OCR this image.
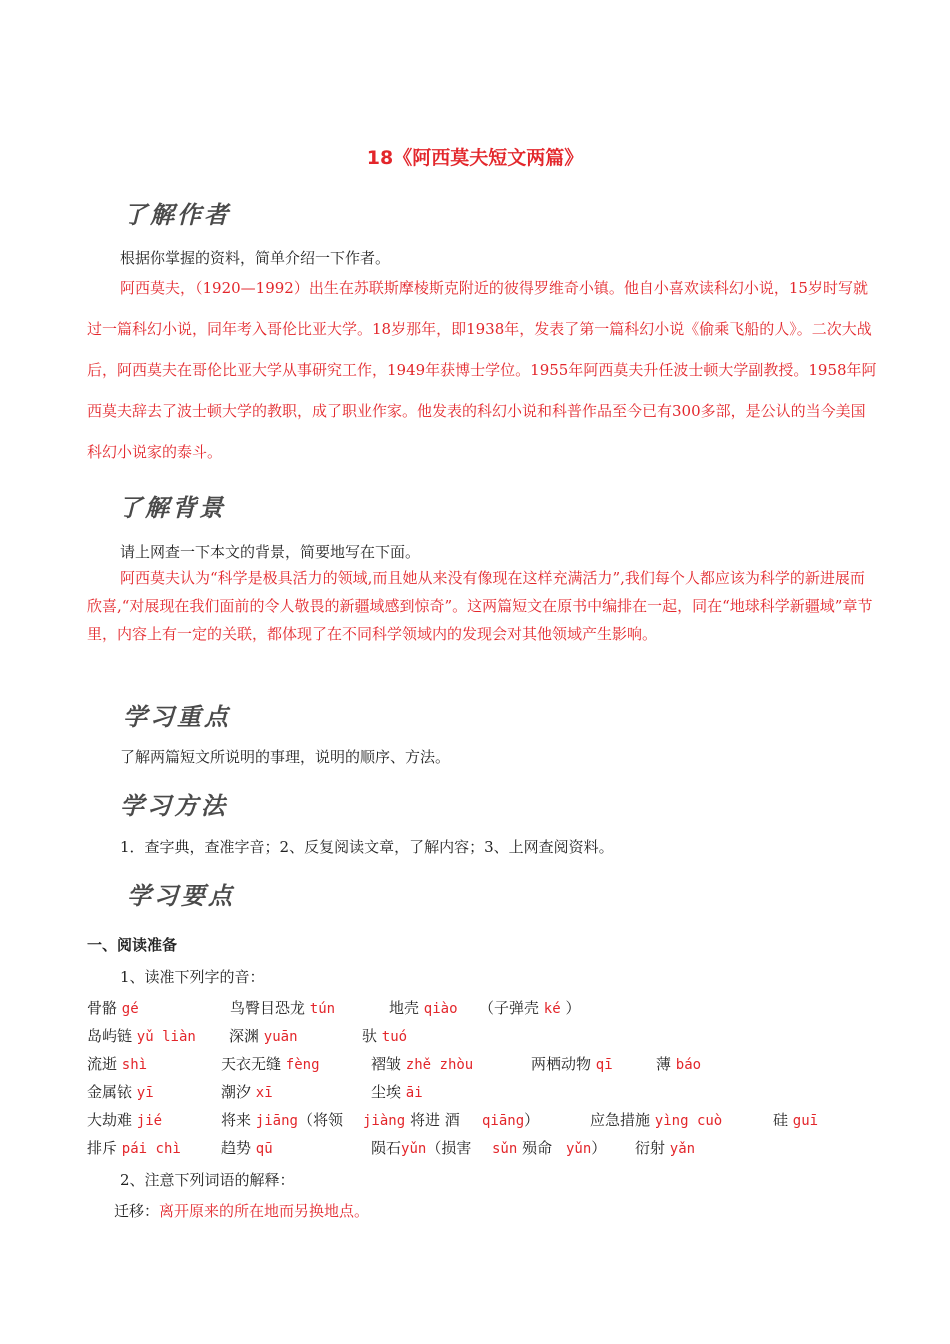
18《阿西莫夫短文两篇》
了解作者

根据你掌握的资料，简单介绍一下作者。

阿西莫夫，（1920—1992）出生在苏联斯摩棱斯克附近的彼得罗维奇小镇。他自小喜欢读科幻小说，15岁时写就过一篇科幻小说，同年考入哥伦比亚大学。18岁那年，即1938年，发表了第一篇科幻小说《偷乘飞船的人》。二次大战后，阿西莫夫在哥伦比亚大学从事研究工作，1949年获博士学位。1955年阿西莫夫升任波士顿大学副教授。1958年阿西莫夫辞去了波士顿大学的教职，成了职业作家。他发表的科幻小说和科普作品至今已有300多部，是公认的当今美国科幻小说家的泰斗。

了解背景

请上网查一下本文的背景，简要地写在下面。

阿西莫夫认为“科学是极具活力的领域,而且她从来没有像现在这样充满活力”,我们每个人都应该为科学的新进展而欣喜,“对展现在我们面前的令人敬畏的新疆域感到惊奇”。这两篇短文在原书中编排在一起，同在“地球科学新疆域”章节里，内容上有一定的关联，都体现了在不同科学领域内的发现会对其他领域产生影响。

学习重点

了解两篇短文所说明的事理，说明的顺序、方法。

学习方法

1．查字典，查准字音；2、反复阅读文章，了解内容；3、上网查阅资料。

学习要点
一、阅读准备

1、读准下列字的音：

骨骼 gé	鸟臀目恐龙 tún	地壳 qiào （子弹壳 ké ）
岛屿链 yǔ liàn 深渊 yuān	驮 tuó
流逝 shì	天衣无缝 fèng	褶皱 zhě zhòu	两栖动物 qī	薄 báo
金属铱 yī	潮汐 xī	尘埃 āi
大劫难 jié	将来 jiāng（将领 jiàng 将进 酒 qiāng）	应急措施 yìng cuò	硅 guī
排斥 pái chì	趋势 qū	陨石yǔn（损害 sǔn 殒命 yǔn） 衍射 yǎn

2、注意下列词语的解释：

迁移：离开原来的所在地而另换地点。
